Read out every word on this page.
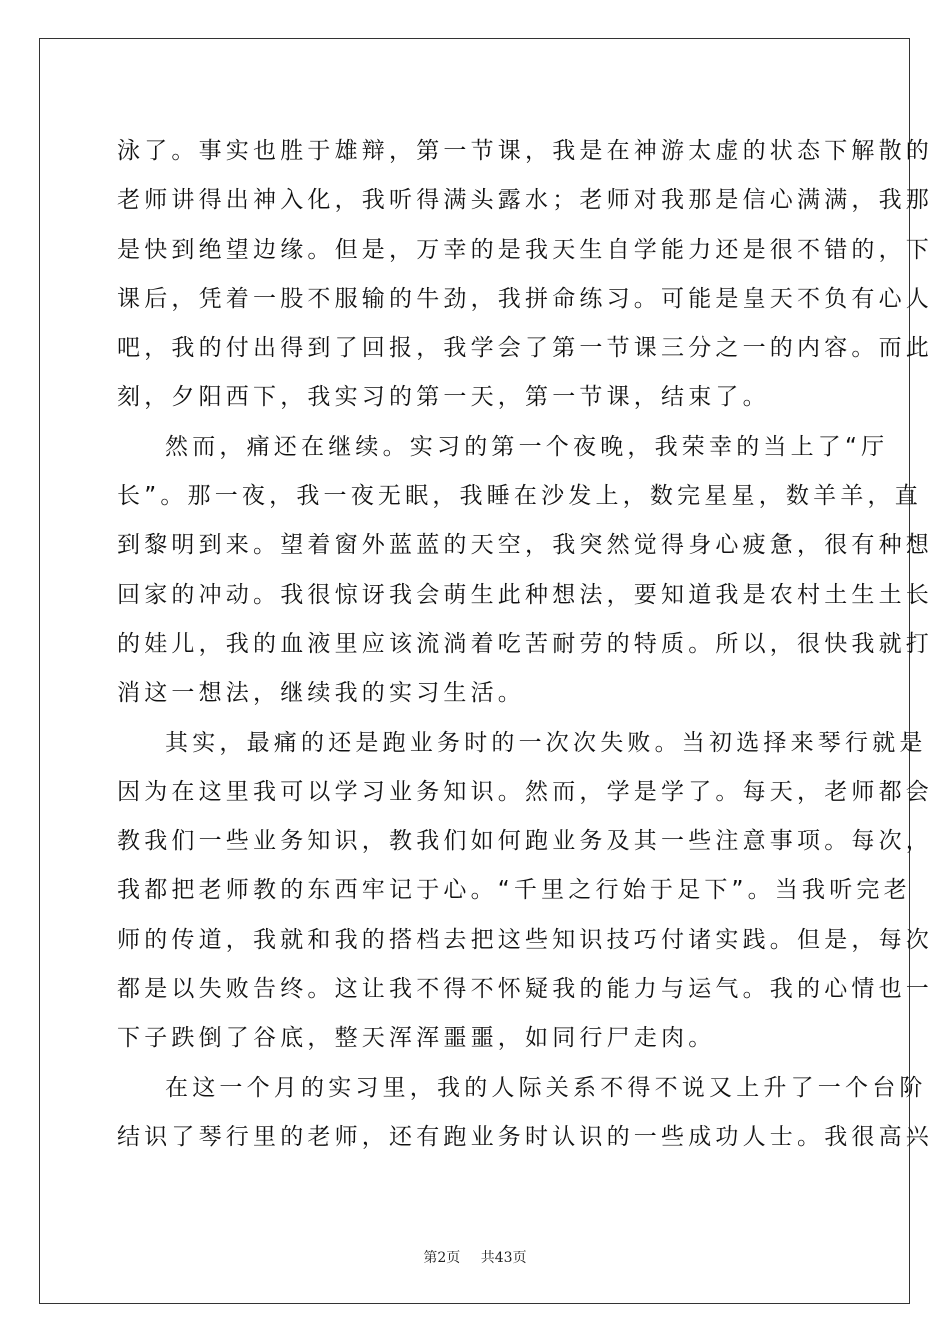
泳了。事实也胜于雄辩，第一节课，我是在神游太虚的状态下解散的
老师讲得出神入化，我听得满头露水；老师对我那是信心满满，我那
是快到绝望边缘。但是，万幸的是我天生自学能力还是很不错的，下
课后，凭着一股不服输的牛劲，我拼命练习。可能是皇天不负有心人
吧，我的付出得到了回报，我学会了第一节课三分之一的内容。而此
刻，夕阳西下，我实习的第一天，第一节课，结束了。
然而，痛还在继续。实习的第一个夜晚，我荣幸的当上了“厅
长”。那一夜，我一夜无眠，我睡在沙发上，数完星星，数羊羊，直
到黎明到来。望着窗外蓝蓝的天空，我突然觉得身心疲惫，很有种想
回家的冲动。我很惊讶我会萌生此种想法，要知道我是农村土生土长
的娃儿，我的血液里应该流淌着吃苦耐劳的特质。所以，很快我就打
消这一想法，继续我的实习生活。
其实，最痛的还是跑业务时的一次次失败。当初选择来琴行就是
因为在这里我可以学习业务知识。然而，学是学了。每天，老师都会
教我们一些业务知识，教我们如何跑业务及其一些注意事项。每次，
我都把老师教的东西牢记于心。“千里之行始于足下”。当我听完老
师的传道，我就和我的搭档去把这些知识技巧付诸实践。但是，每次
都是以失败告终。这让我不得不怀疑我的能力与运气。我的心情也一
下子跌倒了谷底，整天浑浑噩噩，如同行尸走肉。
在这一个月的实习里，我的人际关系不得不说又上升了一个台阶
结识了琴行里的老师，还有跑业务时认识的一些成功人士。我很高兴
第2页 共43页
